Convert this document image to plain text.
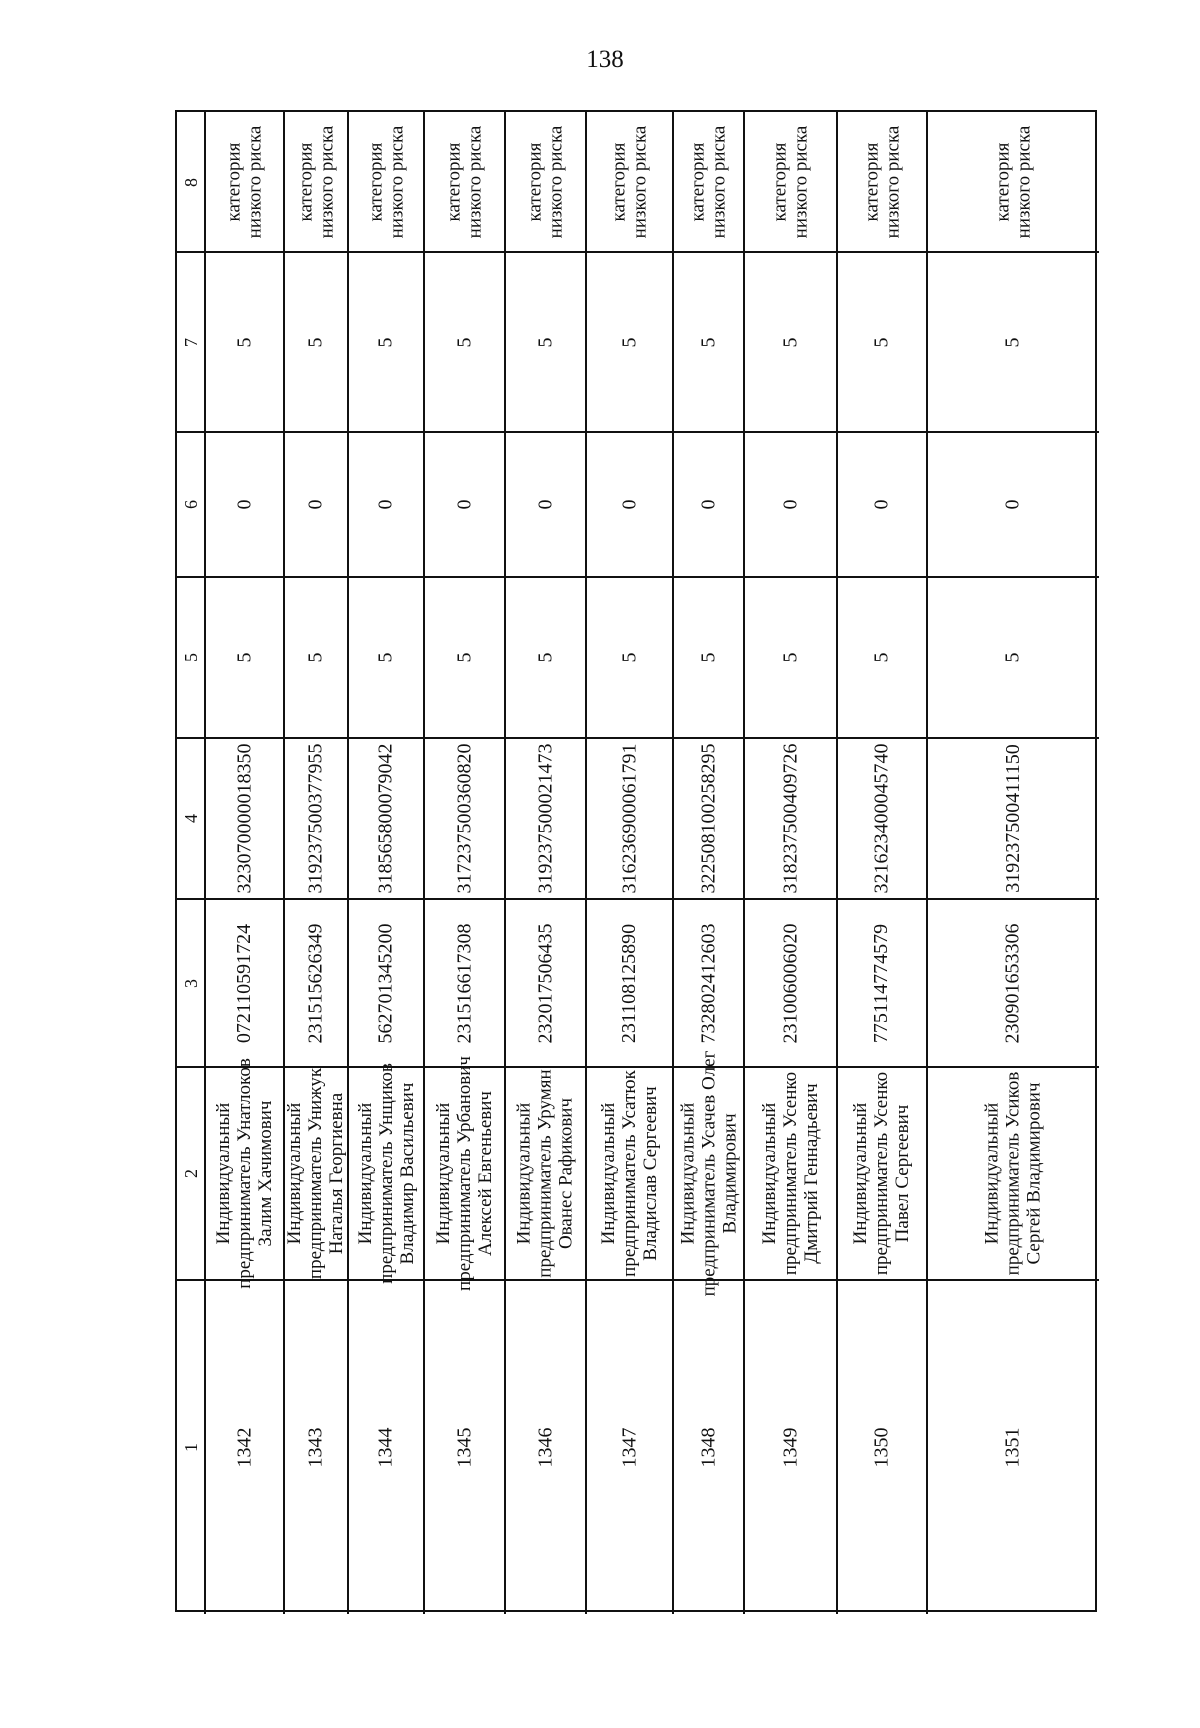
138
1
2
3
4
5
6
7
8
1342
Индивидуальный предприниматель Унатлоков Залим Хачимович
072110591724
323070000018350
5
0
5
категория низкого риска
1343
Индивидуальный предприниматель Унижук Наталья Георгиевна
231515626349
319237500377955
5
0
5
категория низкого риска
1344
Индивидуальный предприниматель Унщиков Владимир Васильевич
562701345200
318565800079042
5
0
5
категория низкого риска
1345
Индивидуальный предприниматель Урбанович Алексей Евгеньевич
231516617308
317237500360820
5
0
5
категория низкого риска
1346
Индивидуальный предприниматель Урумян Ованес Рафикович
232017506435
319237500021473
5
0
5
категория низкого риска
1347
Индивидуальный предприниматель Усатюк Владислав Сергеевич
231108125890
316236900061791
5
0
5
категория низкого риска
1348
Индивидуальный предприниматель Усачев Олег Владимирович
732802412603
322508100258295
5
0
5
категория низкого риска
1349
Индивидуальный предприниматель Усенко Дмитрий Геннадьевич
231006006020
318237500409726
5
0
5
категория низкого риска
1350
Индивидуальный предприниматель Усенко Павел Сергеевич
775114774579
321623400045740
5
0
5
категория низкого риска
1351
Индивидуальный предприниматель Усиков Сергей Владимирович
230901653306
319237500411150
5
0
5
категория низкого риска
